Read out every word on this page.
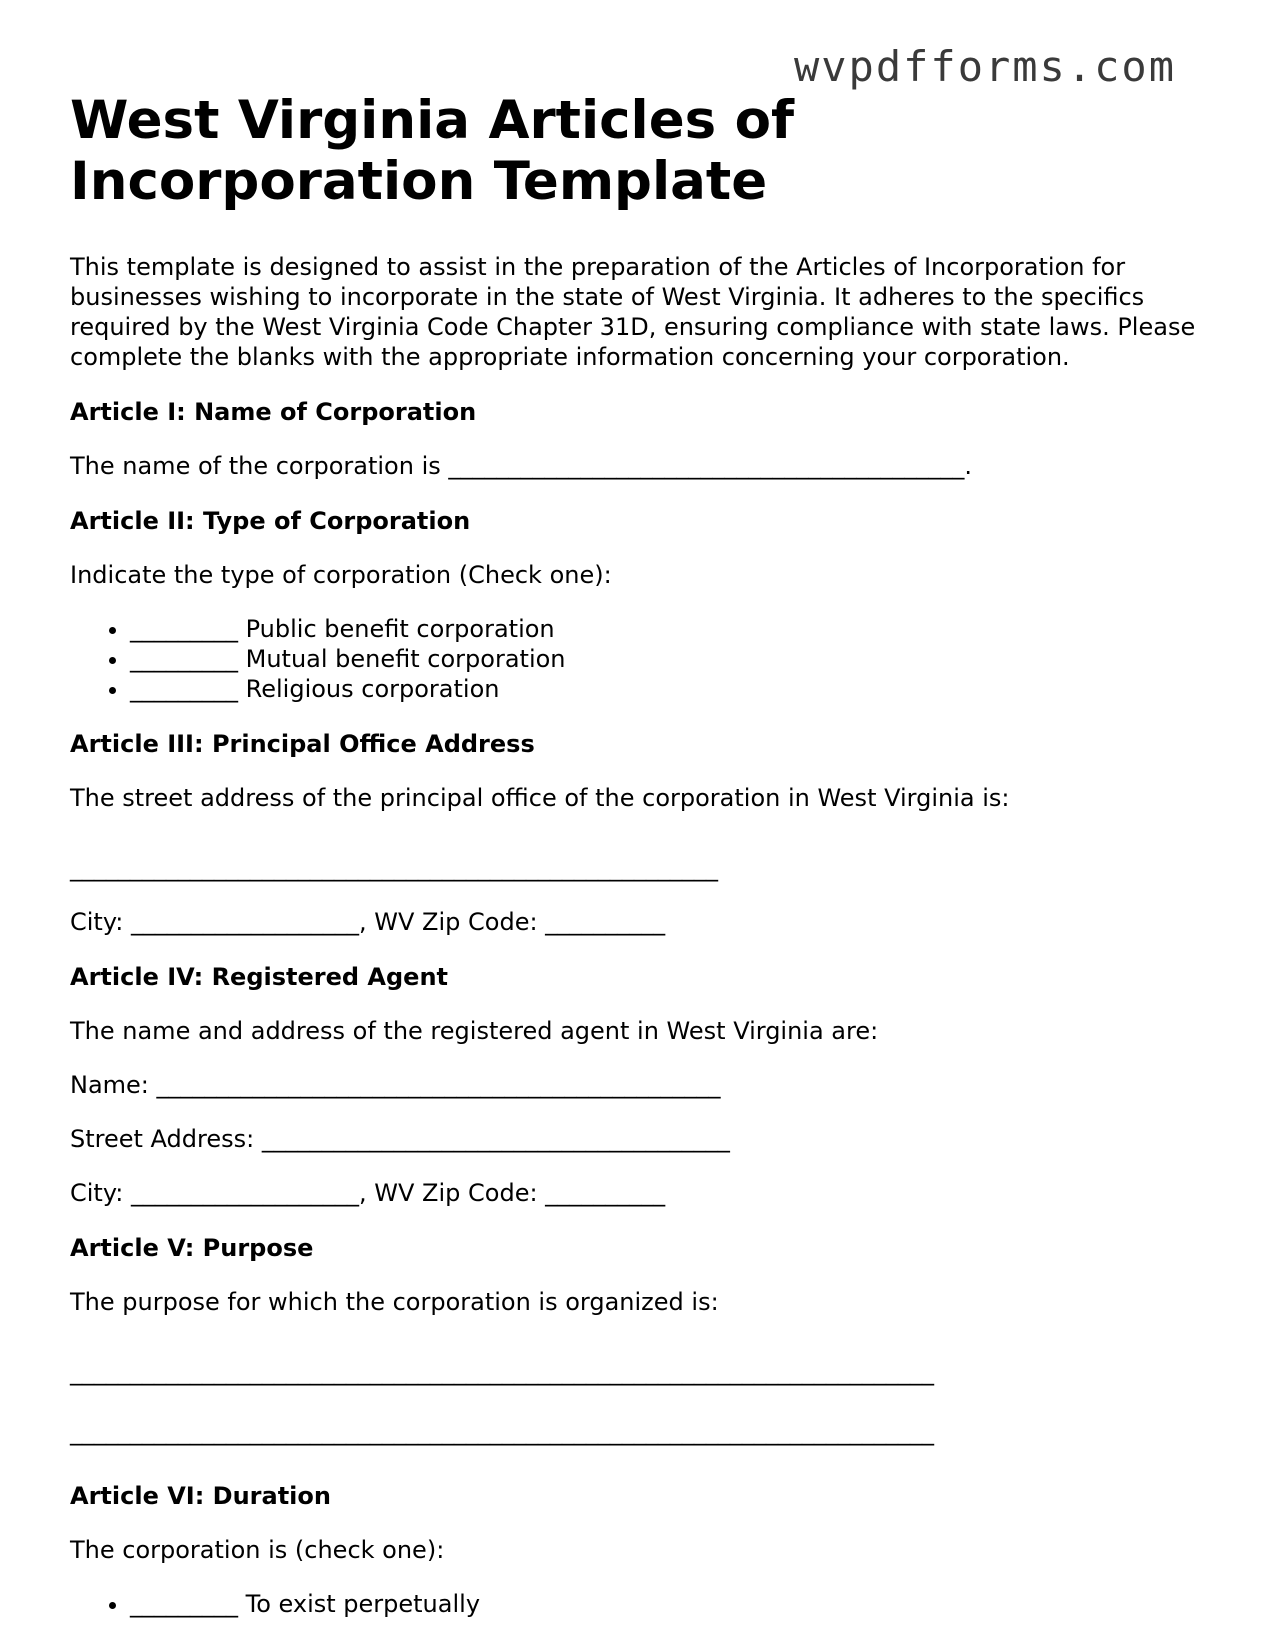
wvpdfforms.com
West Virginia Articles of Incorporation Template

This template is designed to assist in the preparation of the Articles of Incorporation for businesses wishing to incorporate in the state of West Virginia. It adheres to the specifics required by the West Virginia Code Chapter 31D, ensuring compliance with state laws. Please complete the blanks with the appropriate information concerning your corporation.

Article I: Name of Corporation

The name of the corporation is ___________________________________________.

Article II: Type of Corporation

Indicate the type of corporation (Check one):

• _________ Public benefit corporation
• _________ Mutual benefit corporation
• _________ Religious corporation
Article III: Principal Office Address

The street address of the principal office of the corporation in West Virginia is:

______________________________________________________

City: ___________________, WV Zip Code: __________

Article IV: Registered Agent

The name and address of the registered agent in West Virginia are:

Name: _______________________________________________

Street Address: _______________________________________

City: ___________________, WV Zip Code: __________

Article V: Purpose

The purpose for which the corporation is organized is:

________________________________________________________________________

________________________________________________________________________

Article VI: Duration

The corporation is (check one):

• _________ To exist perpetually
